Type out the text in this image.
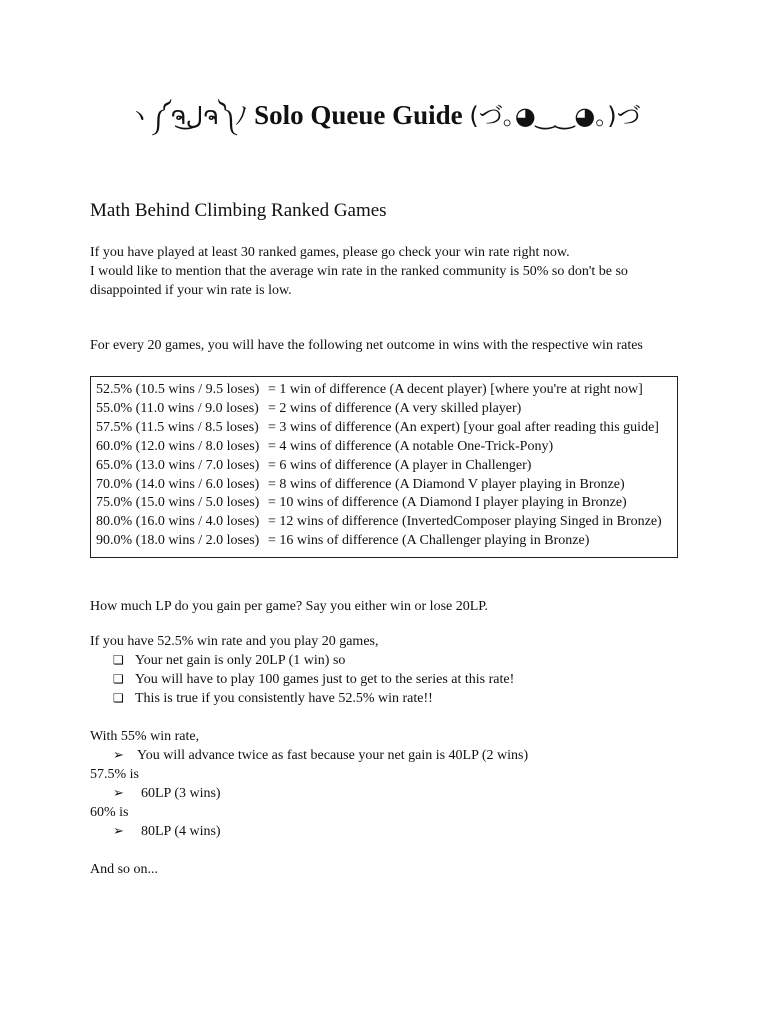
ヽ༼ຈل͜ຈ༽ﾉ Solo Queue Guide (づ｡◕‿‿◕｡)づ
Math Behind Climbing Ranked Games
If you have played at least 30 ranked games, please go check your win rate right now.
I would like to mention that the average win rate in the ranked community is 50% so don't be so
disappointed if your win rate is low.
For every 20 games, you will have the following net outcome in wins with the respective win rates
52.5% (10.5 wins / 9.5 loses) = 1 win of difference (A decent player) [where you're at right now]
55.0% (11.0 wins / 9.0 loses) = 2 wins of difference (A very skilled player)
57.5% (11.5 wins / 8.5 loses) = 3 wins of difference (An expert) [your goal after reading this guide]
60.0% (12.0 wins / 8.0 loses) = 4 wins of difference (A notable One-Trick-Pony)
65.0% (13.0 wins / 7.0 loses) = 6 wins of difference (A player in Challenger)
70.0% (14.0 wins / 6.0 loses) = 8 wins of difference (A Diamond V player playing in Bronze)
75.0% (15.0 wins / 5.0 loses) = 10 wins of difference (A Diamond I player playing in Bronze)
80.0% (16.0 wins / 4.0 loses) = 12 wins of difference (InvertedComposer playing Singed in Bronze)
90.0% (18.0 wins / 2.0 loses) = 16 wins of difference (A Challenger playing in Bronze)
How much LP do you gain per game? Say you either win or lose 20LP.
If you have 52.5% win rate and you play 20 games,
❏ Your net gain is only 20LP (1 win) so
❏ You will have to play 100 games just to get to the series at this rate!
❏ This is true if you consistently have 52.5% win rate!!
With 55% win rate,
➢ You will advance twice as fast because your net gain is 40LP (2 wins)
57.5% is
➢	60LP (3 wins)
60% is
➢	80LP (4 wins)
And so on...
